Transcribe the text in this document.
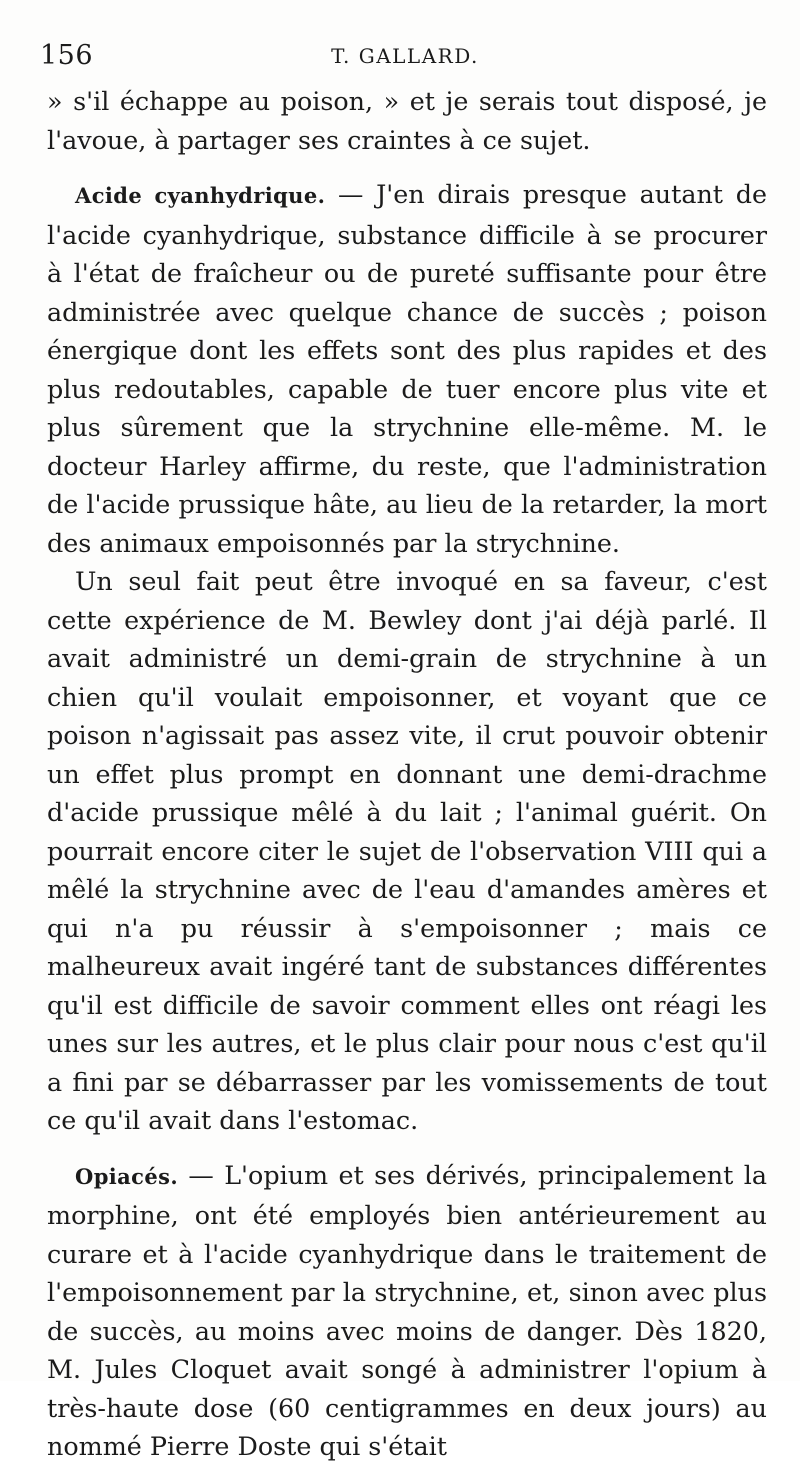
156	T. GALLARD.

» s'il échappe au poison, » et je serais tout disposé, je l'avoue, à partager ses craintes à ce sujet.

Acide cyanhydrique. — J'en dirais presque autant de l'acide cyanhydrique, substance difficile à se procurer à l'état de fraîcheur ou de pureté suffisante pour être administrée avec quelque chance de succès ; poison énergique dont les effets sont des plus rapides et des plus redoutables, capable de tuer encore plus vite et plus sûrement que la strychnine elle-même. M. le docteur Harley affirme, du reste, que l'administration de l'acide prussique hâte, au lieu de la retarder, la mort des animaux empoisonnés par la strychnine.

Un seul fait peut être invoqué en sa faveur, c'est cette expérience de M. Bewley dont j'ai déjà parlé. Il avait administré un demi-grain de strychnine à un chien qu'il voulait empoisonner, et voyant que ce poison n'agissait pas assez vite, il crut pouvoir obtenir un effet plus prompt en donnant une demi-drachme d'acide prussique mêlé à du lait ; l'animal guérit. On pourrait encore citer le sujet de l'observation VIII qui a mêlé la strychnine avec de l'eau d'amandes amères et qui n'a pu réussir à s'empoisonner ; mais ce malheureux avait ingéré tant de substances différentes qu'il est difficile de savoir comment elles ont réagi les unes sur les autres, et le plus clair pour nous c'est qu'il a fini par se débarrasser par les vomissements de tout ce qu'il avait dans l'estomac.

Opiacés. — L'opium et ses dérivés, principalement la morphine, ont été employés bien antérieurement au curare et à l'acide cyanhydrique dans le traitement de l'empoisonnement par la strychnine, et, sinon avec plus de succès, au moins avec moins de danger. Dès 1820, M. Jules Cloquet avait songé à administrer l'opium à très-haute dose (60 centigrammes en deux jours) au nommé Pierre Doste qui s'était
